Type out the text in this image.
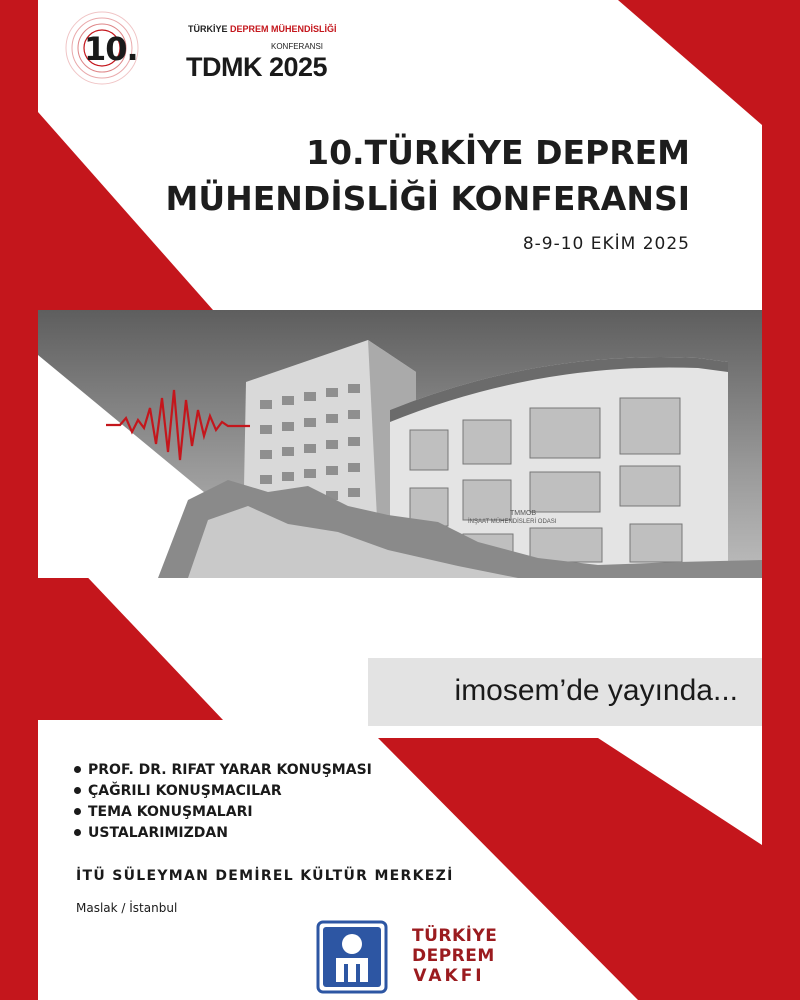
10.
TÜRKİYE DEPREM MÜHENDİSLİĞİ
KONFERANSI
TDMK 2025
10.TÜRKİYE DEPREM
MÜHENDİSLİĞİ KONFERANSI
8-9-10 EKİM 2025
TMMOB
İNŞAAT MÜHENDİSLERİ ODASI
imosem’de yayında...
PROF. DR. RIFAT YARAR KONUŞMASI
ÇAĞRILI KONUŞMACILAR
TEMA KONUŞMALARI
USTALARIMIZDAN
İTÜ SÜLEYMAN DEMİREL KÜLTÜR MERKEZİ
Maslak / İstanbul
TÜRKİYE
DEPREM
VAKFI
